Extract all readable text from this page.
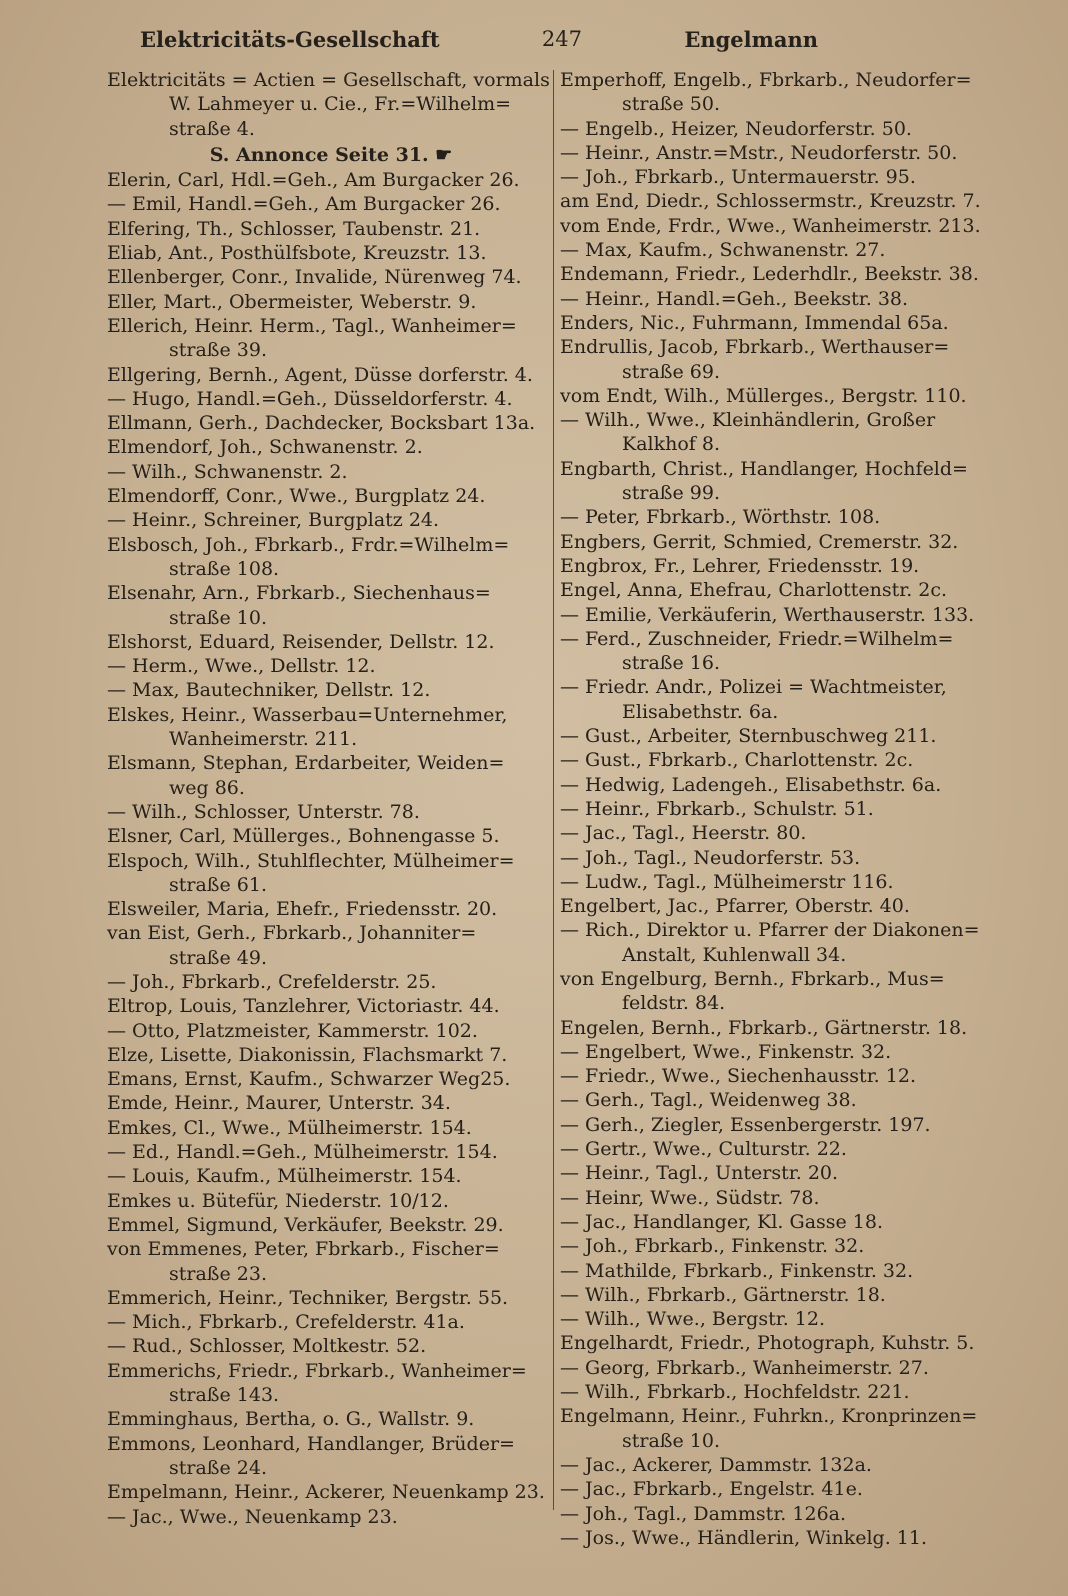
Elektricitäts-Gesellschaft	247	Engelmann
Elektricitäts = Actien = Gesellschaft, vormals
W. Lahmeyer u. Cie., Fr.=Wilhelm=
straße 4.
S. Annonce Seite 31. ☛
Elerin, Carl, Hdl.=Geh., Am Burgacker 26.
— Emil, Handl.=Geh., Am Burgacker 26.
Elfering, Th., Schlosser, Taubenstr. 21.
Eliab, Ant., Posthülfsbote, Kreuzstr. 13.
Ellenberger, Conr., Invalide, Nürenweg 74.
Eller, Mart., Obermeister, Weberstr. 9.
Ellerich, Heinr. Herm., Tagl., Wanheimer=
straße 39.
Ellgering, Bernh., Agent, Düsse dorferstr. 4.
— Hugo, Handl.=Geh., Düsseldorferstr. 4.
Ellmann, Gerh., Dachdecker, Bocksbart 13a.
Elmendorf, Joh., Schwanenstr. 2.
— Wilh., Schwanenstr. 2.
Elmendorff, Conr., Wwe., Burgplatz 24.
— Heinr., Schreiner, Burgplatz 24.
Elsbosch, Joh., Fbrkarb., Frdr.=Wilhelm=
straße 108.
Elsenahr, Arn., Fbrkarb., Siechenhaus=
straße 10.
Elshorst, Eduard, Reisender, Dellstr. 12.
— Herm., Wwe., Dellstr. 12.
— Max, Bautechniker, Dellstr. 12.
Elskes, Heinr., Wasserbau=Unternehmer,
Wanheimerstr. 211.
Elsmann, Stephan, Erdarbeiter, Weiden=
weg 86.
— Wilh., Schlosser, Unterstr. 78.
Elsner, Carl, Müllerges., Bohnengasse 5.
Elspoch, Wilh., Stuhlflechter, Mülheimer=
straße 61.
Elsweiler, Maria, Ehefr., Friedensstr. 20.
van Eist, Gerh., Fbrkarb., Johanniter=
straße 49.
— Joh., Fbrkarb., Crefelderstr. 25.
Eltrop, Louis, Tanzlehrer, Victoriastr. 44.
— Otto, Platzmeister, Kammerstr. 102.
Elze, Lisette, Diakonissin, Flachsmarkt 7.
Emans, Ernst, Kaufm., Schwarzer Weg25.
Emde, Heinr., Maurer, Unterstr. 34.
Emkes, Cl., Wwe., Mülheimerstr. 154.
— Ed., Handl.=Geh., Mülheimerstr. 154.
— Louis, Kaufm., Mülheimerstr. 154.
Emkes u. Bütefür, Niederstr. 10/12.
Emmel, Sigmund, Verkäufer, Beekstr. 29.
von Emmenes, Peter, Fbrkarb., Fischer=
straße 23.
Emmerich, Heinr., Techniker, Bergstr. 55.
— Mich., Fbrkarb., Crefelderstr. 41a.
— Rud., Schlosser, Moltkestr. 52.
Emmerichs, Friedr., Fbrkarb., Wanheimer=
straße 143.
Emminghaus, Bertha, o. G., Wallstr. 9.
Emmons, Leonhard, Handlanger, Brüder=
straße 24.
Empelmann, Heinr., Ackerer, Neuenkamp 23.
— Jac., Wwe., Neuenkamp 23.
Emperhoff, Engelb., Fbrkarb., Neudorfer=
straße 50.
— Engelb., Heizer, Neudorferstr. 50.
— Heinr., Anstr.=Mstr., Neudorferstr. 50.
— Joh., Fbrkarb., Untermauerstr. 95.
am End, Diedr., Schlossermstr., Kreuzstr. 7.
vom Ende, Frdr., Wwe., Wanheimerstr. 213.
— Max, Kaufm., Schwanenstr. 27.
Endemann, Friedr., Lederhdlr., Beekstr. 38.
— Heinr., Handl.=Geh., Beekstr. 38.
Enders, Nic., Fuhrmann, Immendal 65a.
Endrullis, Jacob, Fbrkarb., Werthauser=
straße 69.
vom Endt, Wilh., Müllerges., Bergstr. 110.
— Wilh., Wwe., Kleinhändlerin, Großer
Kalkhof 8.
Engbarth, Christ., Handlanger, Hochfeld=
straße 99.
— Peter, Fbrkarb., Wörthstr. 108.
Engbers, Gerrit, Schmied, Cremerstr. 32.
Engbrox, Fr., Lehrer, Friedensstr. 19.
Engel, Anna, Ehefrau, Charlottenstr. 2c.
— Emilie, Verkäuferin, Werthauserstr. 133.
— Ferd., Zuschneider, Friedr.=Wilhelm=
straße 16.
— Friedr. Andr., Polizei = Wachtmeister,
Elisabethstr. 6a.
— Gust., Arbeiter, Sternbuschweg 211.
— Gust., Fbrkarb., Charlottenstr. 2c.
— Hedwig, Ladengeh., Elisabethstr. 6a.
— Heinr., Fbrkarb., Schulstr. 51.
— Jac., Tagl., Heerstr. 80.
— Joh., Tagl., Neudorferstr. 53.
— Ludw., Tagl., Mülheimerstr 116.
Engelbert, Jac., Pfarrer, Oberstr. 40.
— Rich., Direktor u. Pfarrer der Diakonen=
Anstalt, Kuhlenwall 34.
von Engelburg, Bernh., Fbrkarb., Mus=
feldstr. 84.
Engelen, Bernh., Fbrkarb., Gärtnerstr. 18.
— Engelbert, Wwe., Finkenstr. 32.
— Friedr., Wwe., Siechenhausstr. 12.
— Gerh., Tagl., Weidenweg 38.
— Gerh., Ziegler, Essenbergerstr. 197.
— Gertr., Wwe., Culturstr. 22.
— Heinr., Tagl., Unterstr. 20.
— Heinr, Wwe., Südstr. 78.
— Jac., Handlanger, Kl. Gasse 18.
— Joh., Fbrkarb., Finkenstr. 32.
— Mathilde, Fbrkarb., Finkenstr. 32.
— Wilh., Fbrkarb., Gärtnerstr. 18.
— Wilh., Wwe., Bergstr. 12.
Engelhardt, Friedr., Photograph, Kuhstr. 5.
— Georg, Fbrkarb., Wanheimerstr. 27.
— Wilh., Fbrkarb., Hochfeldstr. 221.
Engelmann, Heinr., Fuhrkn., Kronprinzen=
straße 10.
— Jac., Ackerer, Dammstr. 132a.
— Jac., Fbrkarb., Engelstr. 41e.
— Joh., Tagl., Dammstr. 126a.
— Jos., Wwe., Händlerin, Winkelg. 11.
